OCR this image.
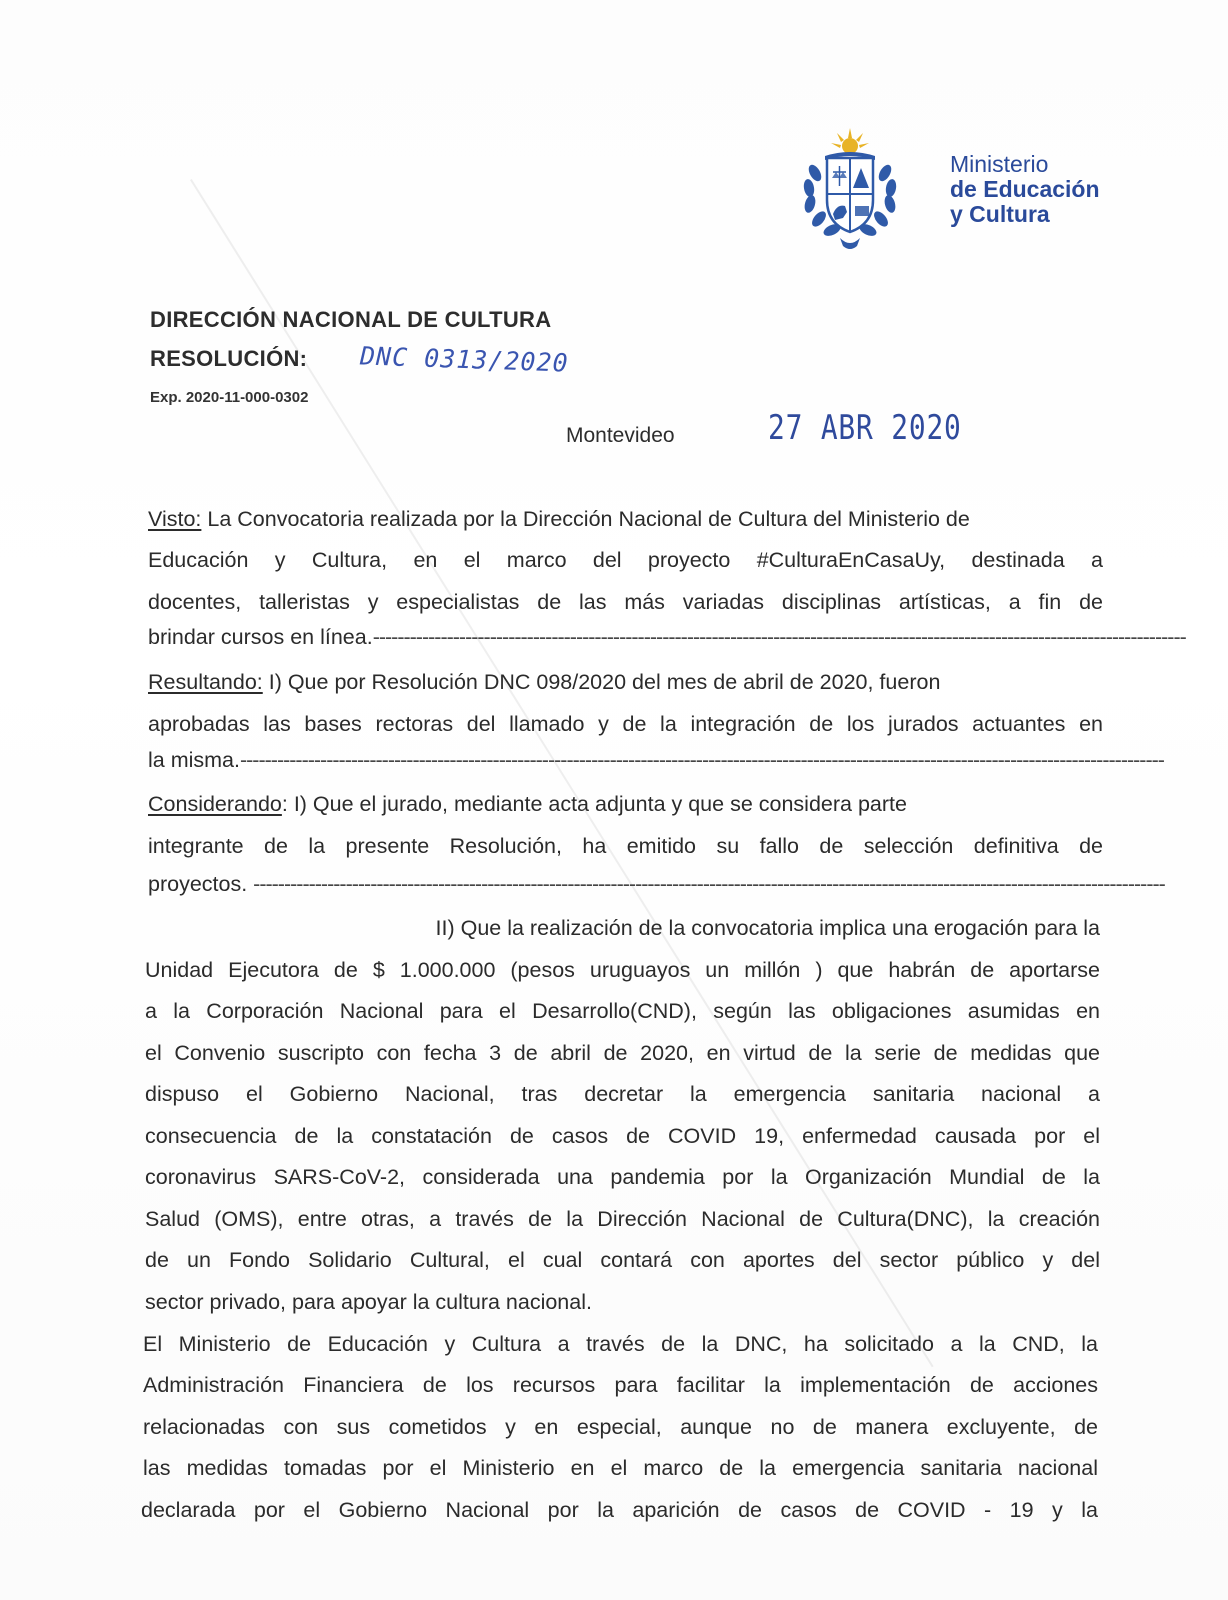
Ministerio
de Educación
y Cultura
DIRECCIÓN NACIONAL DE CULTURA
RESOLUCIÓN: DNC 0313/2020
Exp. 2020-11-000-0302
Montevideo	27 ABR 2020
Visto: La Convocatoria realizada por la Dirección Nacional de Cultura del Ministerio de
Educación y Cultura, en el marco del proyecto #CulturaEnCasaUy, destinada a
docentes, talleristas y especialistas de las más variadas disciplinas artísticas, a fin de
brindar cursos en línea.------------------------------------------------------------------------------------------------------------------------------------
Resultando: I) Que por Resolución DNC 098/2020 del mes de abril de 2020, fueron
aprobadas las bases rectoras del llamado y de la integración de los jurados actuantes en
la misma.------------------------------------------------------------------------------------------------------------------------------------------------------
Considerando: I) Que el jurado, mediante acta adjunta y que se considera parte
integrante de la presente Resolución, ha emitido su fallo de selección definitiva de
proyectos. ----------------------------------------------------------------------------------------------------------------------------------------------------
II) Que la realización de la convocatoria implica una erogación para la
Unidad Ejecutora de $ 1.000.000 (pesos uruguayos un millón ) que habrán de aportarse
a la Corporación Nacional para el Desarrollo(CND), según las obligaciones asumidas en
el Convenio suscripto con fecha 3 de abril de 2020, en virtud de la serie de medidas que
dispuso el Gobierno Nacional, tras decretar la emergencia sanitaria nacional a
consecuencia de la constatación de casos de COVID 19, enfermedad causada por el
coronavirus SARS-CoV-2, considerada una pandemia por la Organización Mundial de la
Salud (OMS), entre otras, a través de la Dirección Nacional de Cultura(DNC), la creación
de un Fondo Solidario Cultural, el cual contará con aportes del sector público y del
sector privado, para apoyar la cultura nacional.
El Ministerio de Educación y Cultura a través de la DNC, ha solicitado a la CND, la
Administración Financiera de los recursos para facilitar la implementación de acciones
relacionadas con sus cometidos y en especial, aunque no de manera excluyente, de
las medidas tomadas por el Ministerio en el marco de la emergencia sanitaria nacional
declarada por el Gobierno Nacional por la aparición de casos de COVID - 19 y la
